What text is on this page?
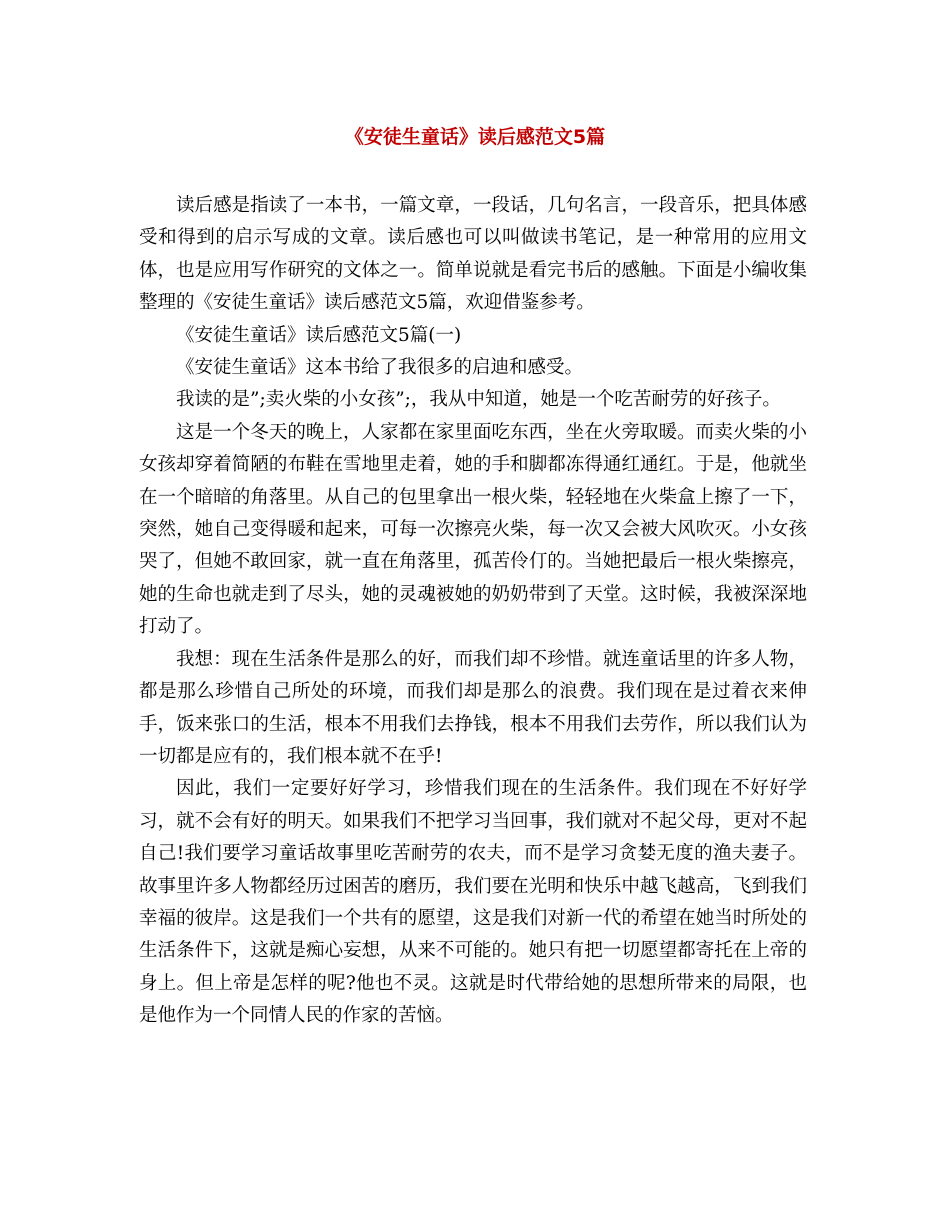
《安徒生童话》读后感范文5篇

读后感是指读了一本书，一篇文章，一段话，几句名言，一段音乐，把具体感受和得到的启示写成的文章。读后感也可以叫做读书笔记，是一种常用的应用文体，也是应用写作研究的文体之一。简单说就是看完书后的感触。下面是小编收集整理的《安徒生童话》读后感范文5篇，欢迎借鉴参考。

《安徒生童话》读后感范文5篇(一)

《安徒生童话》这本书给了我很多的启迪和感受。

我读的是”;卖火柴的小女孩”;，我从中知道，她是一个吃苦耐劳的好孩子。

这是一个冬天的晚上，人家都在家里面吃东西，坐在火旁取暖。而卖火柴的小女孩却穿着简陋的布鞋在雪地里走着，她的手和脚都冻得通红通红。于是，他就坐在一个暗暗的角落里。从自己的包里拿出一根火柴，轻轻地在火柴盒上擦了一下，突然，她自己变得暖和起来，可每一次擦亮火柴，每一次又会被大风吹灭。小女孩哭了，但她不敢回家，就一直在角落里，孤苦伶仃的。当她把最后一根火柴擦亮，她的生命也就走到了尽头，她的灵魂被她的奶奶带到了天堂。这时候，我被深深地打动了。

我想：现在生活条件是那么的好，而我们却不珍惜。就连童话里的许多人物，都是那么珍惜自己所处的环境，而我们却是那么的浪费。我们现在是过着衣来伸手，饭来张口的生活，根本不用我们去挣钱，根本不用我们去劳作，所以我们认为一切都是应有的，我们根本就不在乎!

因此，我们一定要好好学习，珍惜我们现在的生活条件。我们现在不好好学习，就不会有好的明天。如果我们不把学习当回事，我们就对不起父母，更对不起自己!我们要学习童话故事里吃苦耐劳的农夫，而不是学习贪婪无度的渔夫妻子。故事里许多人物都经历过困苦的磨历，我们要在光明和快乐中越飞越高，飞到我们幸福的彼岸。这是我们一个共有的愿望，这是我们对新一代的希望在她当时所处的生活条件下，这就是痴心妄想，从来不可能的。她只有把一切愿望都寄托在上帝的身上。但上帝是怎样的呢?他也不灵。这就是时代带给她的思想所带来的局限，也是他作为一个同情人民的作家的苦恼。
